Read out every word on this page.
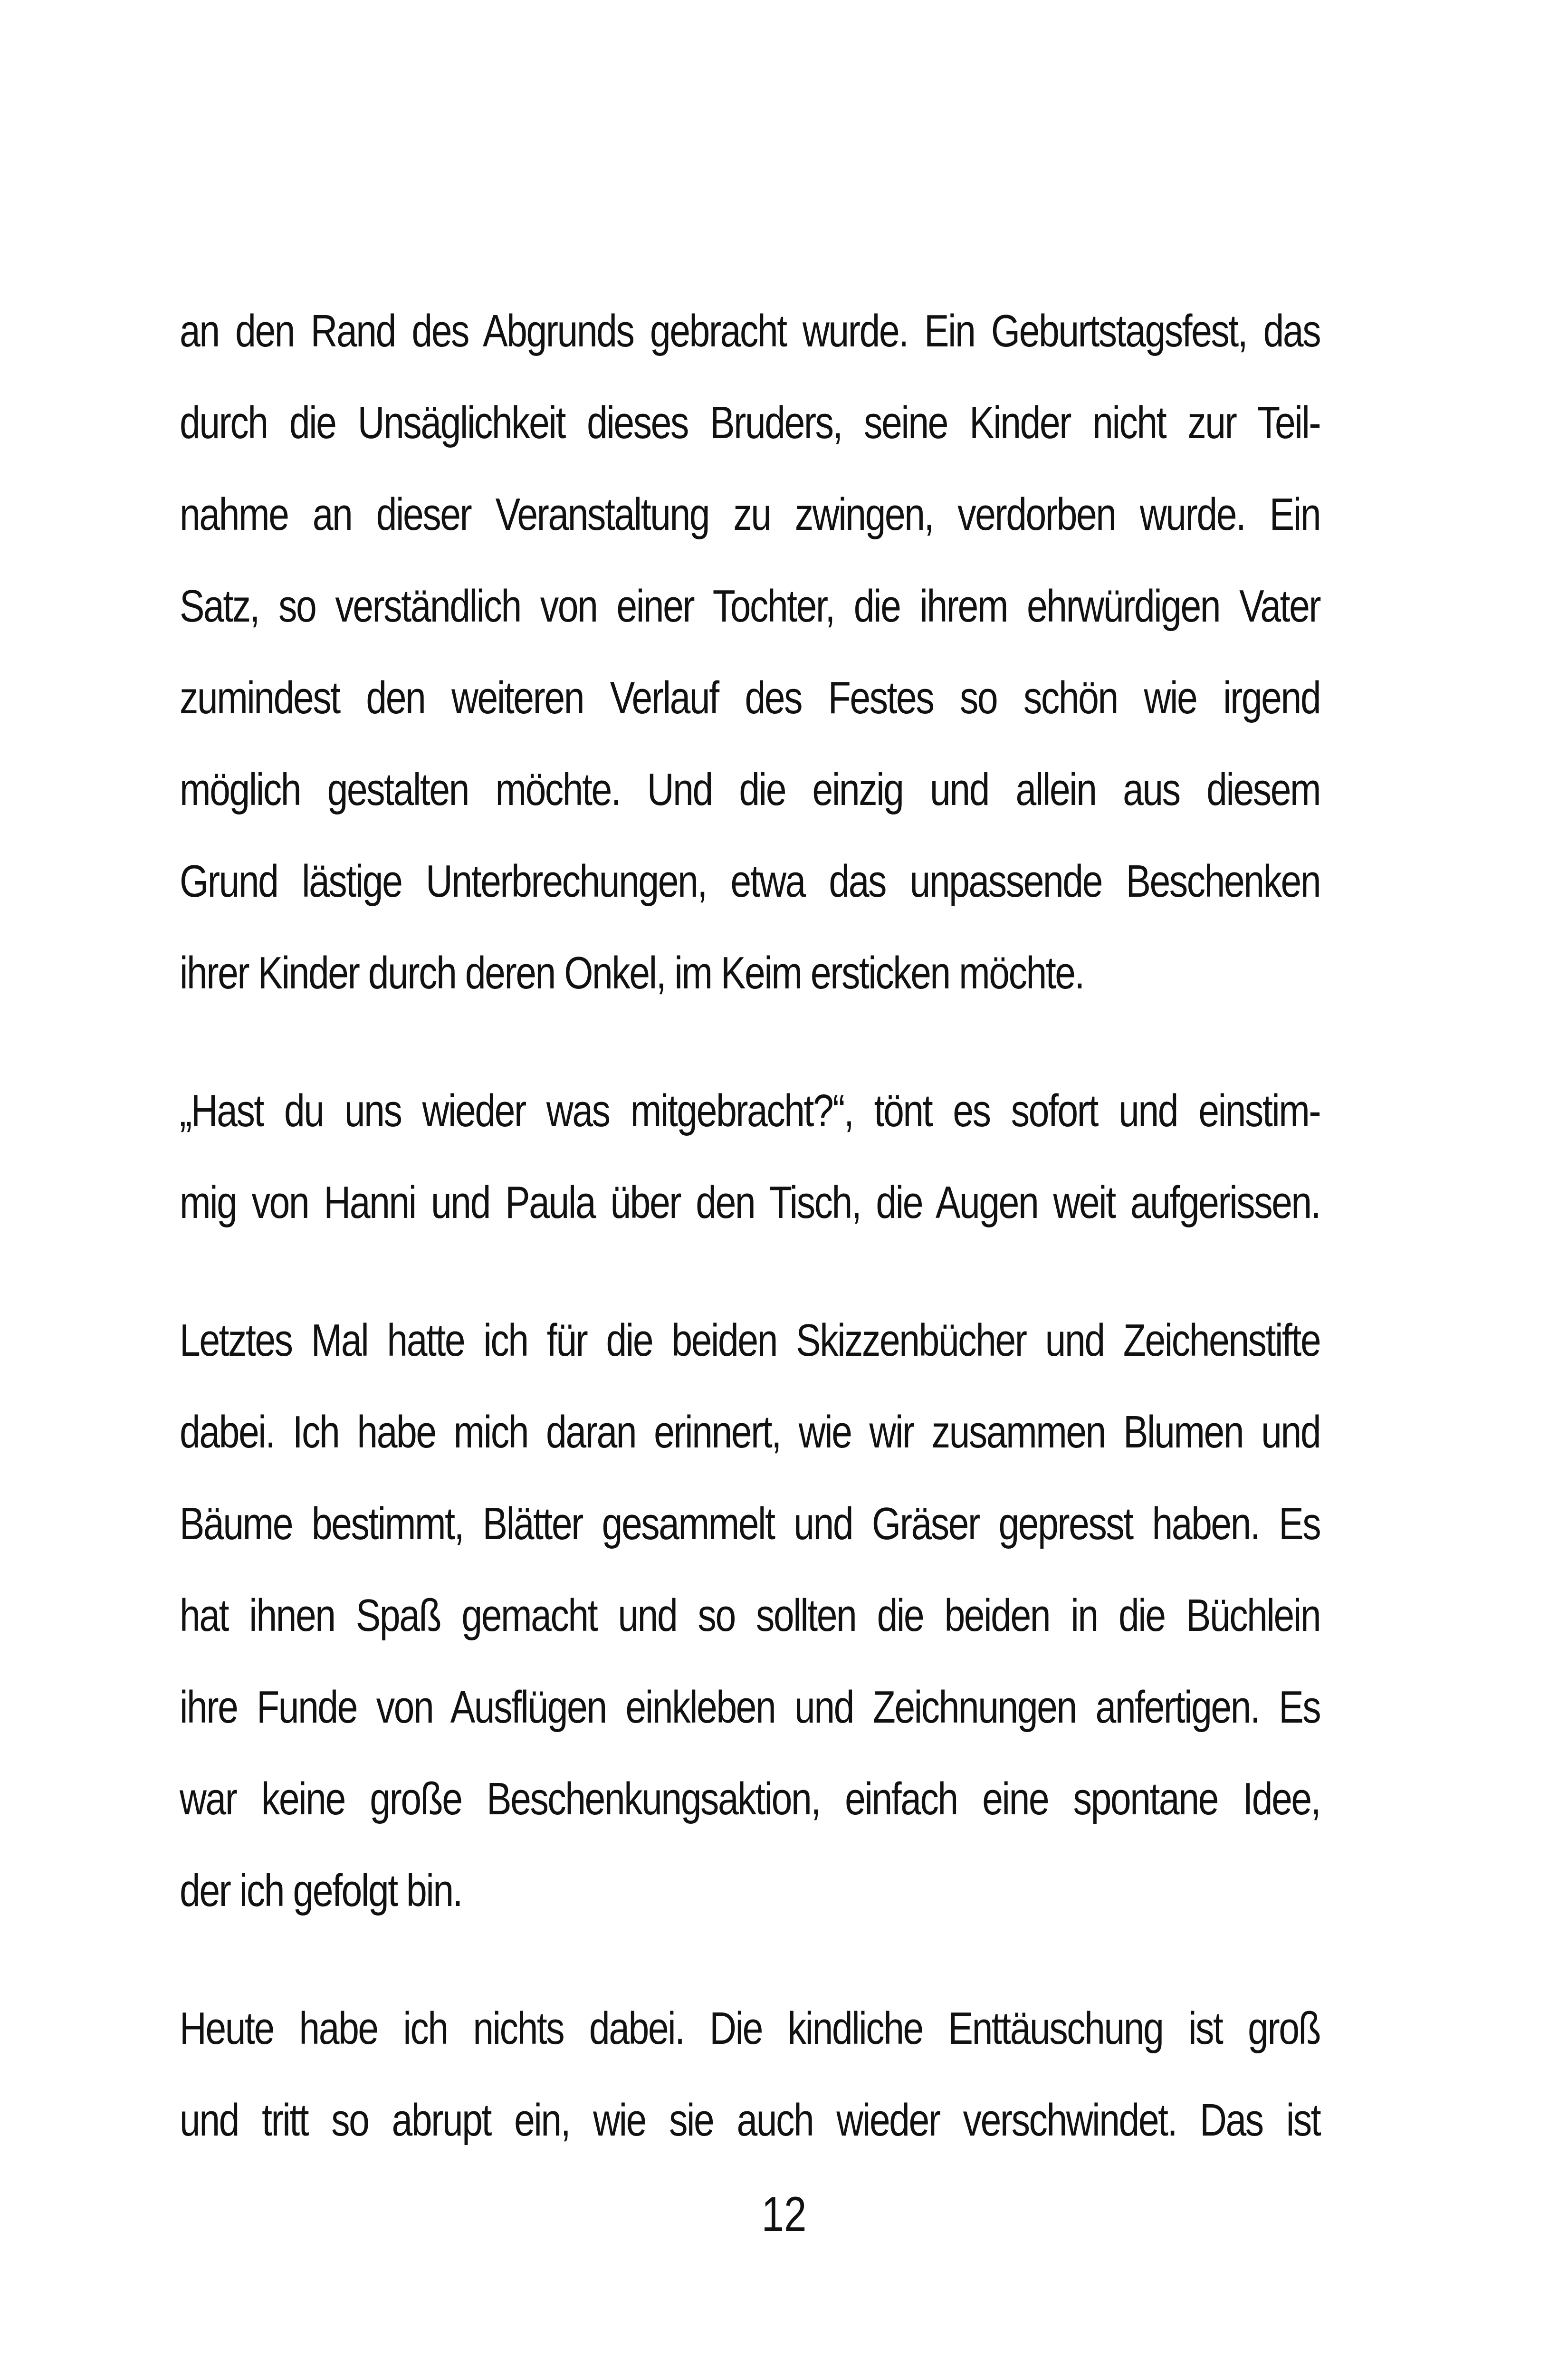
an den Rand des Abgrunds gebracht wurde. Ein Geburtstagsfest, das
durch die Unsäglichkeit dieses Bruders, seine Kinder nicht zur Teil-
nahme an dieser Veranstaltung zu zwingen, verdorben wurde. Ein
Satz, so verständlich von einer Tochter, die ihrem ehrwürdigen Vater
zumindest den weiteren Verlauf des Festes so schön wie irgend
möglich gestalten möchte. Und die einzig und allein aus diesem
Grund lästige Unterbrechungen, etwa das unpassende Beschenken
ihrer Kinder durch deren Onkel, im Keim ersticken möchte.

„Hast du uns wieder was mitgebracht?“, tönt es sofort und einstim-
mig von Hanni und Paula über den Tisch, die Augen weit aufgerissen.

Letztes Mal hatte ich für die beiden Skizzenbücher und Zeichenstifte
dabei. Ich habe mich daran erinnert, wie wir zusammen Blumen und
Bäume bestimmt, Blätter gesammelt und Gräser gepresst haben. Es
hat ihnen Spaß gemacht und so sollten die beiden in die Büchlein
ihre Funde von Ausflügen einkleben und Zeichnungen anfertigen. Es
war keine große Beschenkungsaktion, einfach eine spontane Idee,
der ich gefolgt bin.

Heute habe ich nichts dabei. Die kindliche Enttäuschung ist groß
und tritt so abrupt ein, wie sie auch wieder verschwindet. Das ist

12
